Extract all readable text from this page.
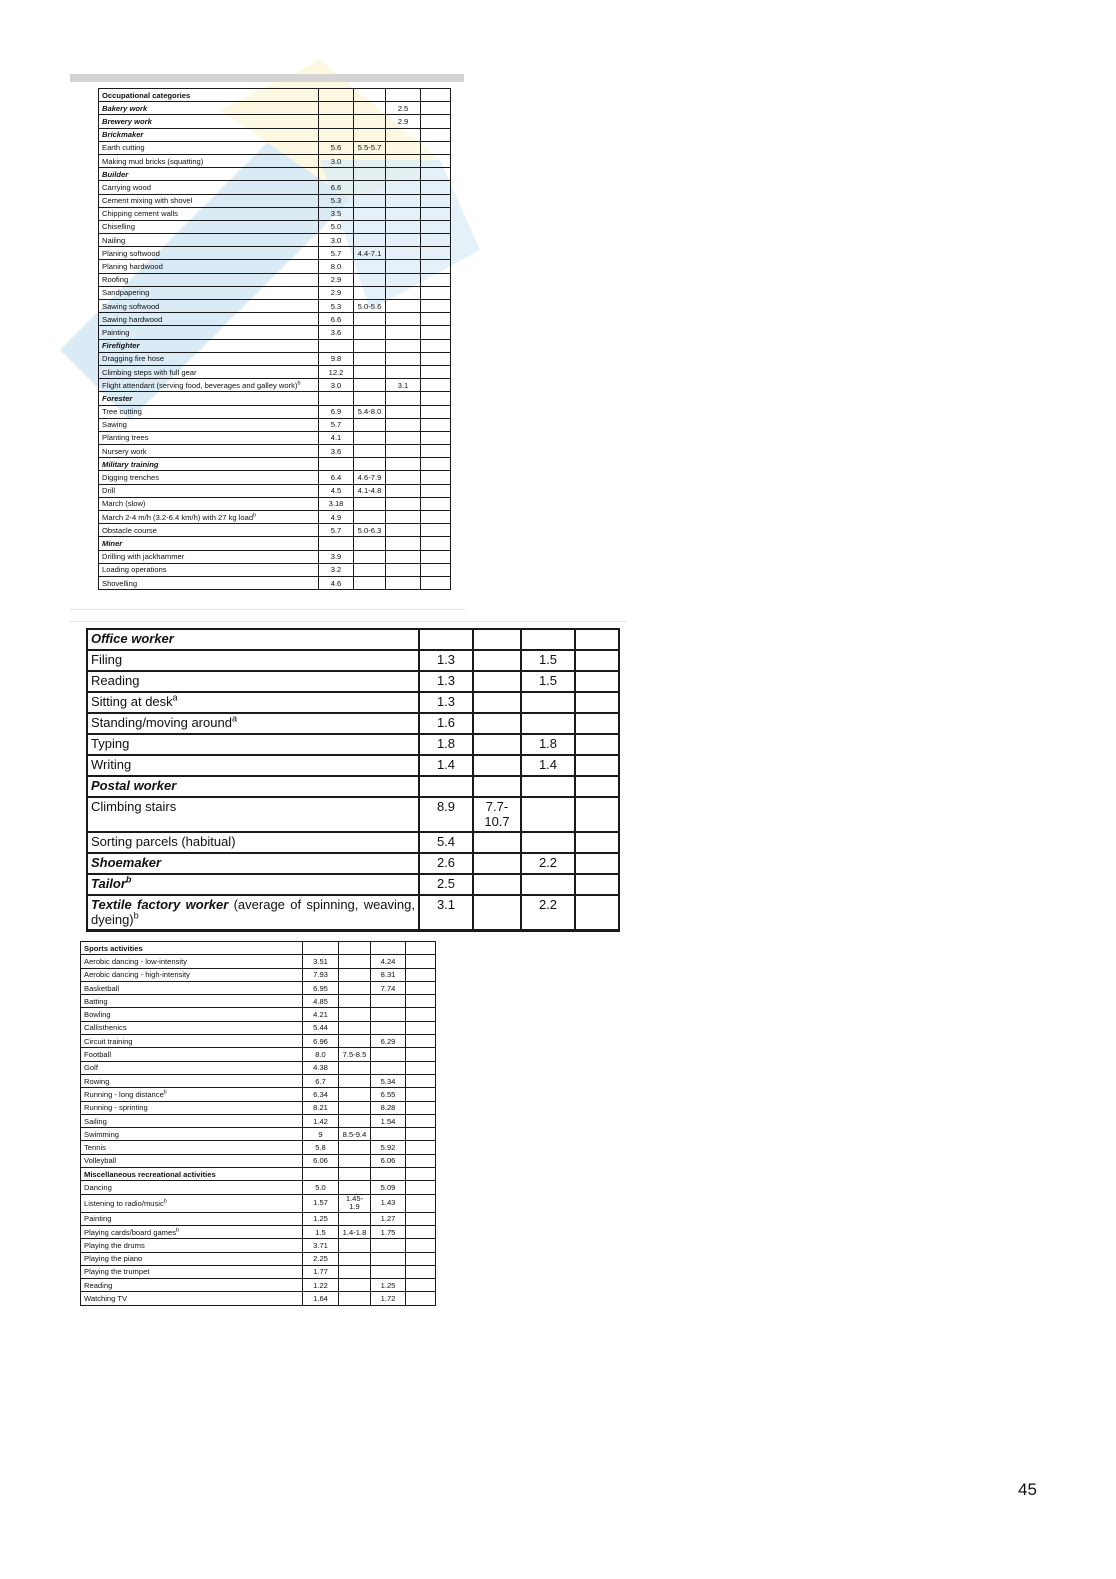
Occupational categories				
Bakery work			2.5	
Brewery work			2.9	
Brickmaker				
Earth cutting	5.6	5.5-5.7		
Making mud bricks (squatting)	3.0			
Builder				
Carrying wood	6.6			
Cement mixing with shovel	5.3			
Chipping cement walls	3.5			
Chiselling	5.0			
Nailing	3.0			
Planing softwood	5.7	4.4-7.1		
Planing hardwood	8.0			
Roofing	2.9			
Sandpapering	2.9			
Sawing softwood	5.3	5.0-5.6		
Sawing hardwood	6.6			
Painting	3.6			
Firefighter				
Dragging fire hose	9.8			
Climbing steps with full gear	12.2			
Flight attendant (serving food, beverages and galley work)$^b$	3.0		3.1	
Forester				
Tree cutting	6.9	5.4-8.0		
Sawing	5.7			
Planting trees	4.1			
Nursery work	3.6			
Military training				
Digging trenches	6.4	4.6-7.9		
Drill	4.5	4.1-4.8		
March (slow)	3.18			
March 2-4 m/h (3.2-6.4 km/h) with 27 kg load$^b$	4.9			
Obstacle course	5.7	5.0-6.3		
Miner				
Drilling with jackhammer	3.9			
Loading operations	3.2			
Shovelling	4.6			
Office worker				
Filing	1.3		1.5	
Reading	1.3		1.5	
Sitting at desk$^a$	1.3			
Standing/moving around$^a$	1.6			
Typing	1.8		1.8	
Writing	1.4		1.4	
Postal worker				
Climbing stairs	8.9	7.7-10.7		
Sorting parcels (habitual)	5.4			
Shoemaker	2.6		2.2	
Tailor$^b$	2.5			
Textile factory worker (average of spinning, weaving, dyeing)$^b$	3.1		2.2	
Sports activities				
Aerobic dancing - low-intensity	3.51		4.24	
Aerobic dancing - high-intensity	7.93		8.31	
Basketball	6.95		7.74	
Batting	4.85			
Bowling	4.21			
Callisthenics	5.44			
Circuit training	6.96		6.29	
Football	8.0	7.5-8.5		
Golf	4.38			
Rowing	6.7		5.34	
Running - long distance$^b$	6.34		6.55	
Running - sprinting	8.21		8.28	
Sailing	1.42		1.54	
Swimming	9	8.5-9.4		
Tennis	5.8		5.92	
Volleyball	6.06		6.06	
Miscellaneous recreational activities				
Dancing	5.0		5.09	
Listening to radio/music$^b$	1.57	1.45-1.9	1.43	
Painting	1.25		1.27	
Playing cards/board games$^b$	1.5	1.4-1.8	1.75	
Playing the drums	3.71			
Playing the piano	2.25			
Playing the trumpet	1.77			
Reading	1.22		1.25	
Watching TV	1.64		1.72	
45
